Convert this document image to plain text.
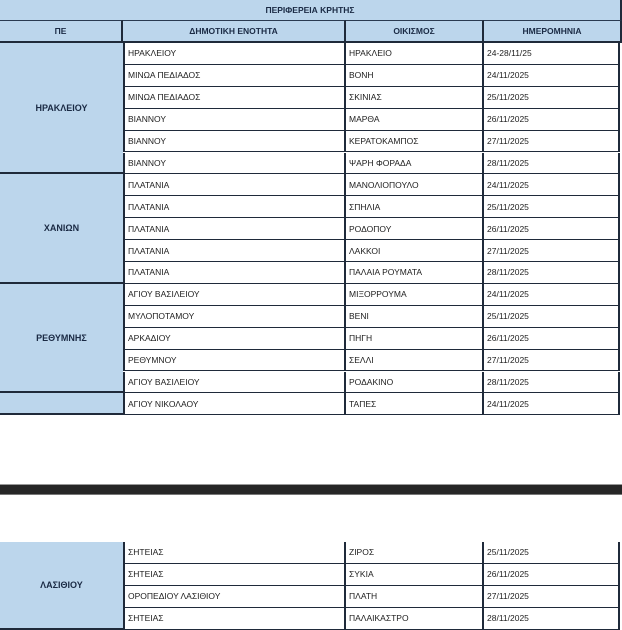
ΠΕΡΙΦΕΡΕΙΑ ΚΡΗΤΗΣ
ΠΕ	ΔΗΜΟΤΙΚΗ ΕΝΟΤΗΤΑ	ΟΙΚΙΣΜΟΣ	ΗΜΕΡΟΜΗΝΙΑ
ΗΡΑΚΛΕΙΟΥ
ΗΡΑΚΛΕΙΟΥ	ΗΡΑΚΛΕΙΟ	24-28/11/25
ΜΙΝΩΑ ΠΕΔΙΑΔΟΣ	ΒΟΝΗ	24/11/2025
ΜΙΝΩΑ ΠΕΔΙΑΔΟΣ	ΣΚΙΝΙΑΣ	25/11/2025
ΒΙΑΝΝΟΥ	ΜΑΡΘΑ	26/11/2025
ΒΙΑΝΝΟΥ	ΚΕΡΑΤΟΚΑΜΠΟΣ	27/11/2025
ΒΙΑΝΝΟΥ	ΨΑΡΗ ΦΟΡΑΔΑ	28/11/2025
ΧΑΝΙΩΝ
ΠΛΑΤΑΝΙΑ	ΜΑΝΟΛΙΟΠΟΥΛΟ	24/11/2025
ΠΛΑΤΑΝΙΑ	ΣΠΗΛΙΑ	25/11/2025
ΠΛΑΤΑΝΙΑ	ΡΟΔΟΠΟΥ	26/11/2025
ΠΛΑΤΑΝΙΑ	ΛΑΚΚΟΙ	27/11/2025
ΠΛΑΤΑΝΙΑ	ΠΑΛΑΙΑ ΡΟΥΜΑΤΑ	28/11/2025
ΡΕΘΥΜΝΗΣ
ΑΓΙΟΥ ΒΑΣΙΛΕΙΟΥ	ΜΙΞΟΡΡΟΥΜΑ	24/11/2025
ΜΥΛΟΠΟΤΑΜΟΥ	ΒΕΝΙ	25/11/2025
ΑΡΚΑΔΙΟΥ	ΠΗΓΗ	26/11/2025
ΡΕΘΥΜΝΟΥ	ΣΕΛΛΙ	27/11/2025
ΑΓΙΟΥ ΒΑΣΙΛΕΙΟΥ	ΡΟΔΑΚΙΝΟ	28/11/2025
ΑΓΙΟΥ ΝΙΚΟΛΑΟΥ	ΤΑΠΕΣ	24/11/2025
ΛΑΣΙΘΙΟΥ
ΣΗΤΕΙΑΣ	ΖΙΡΟΣ	25/11/2025
ΣΗΤΕΙΑΣ	ΣΥΚΙΑ	26/11/2025
ΟΡΟΠΕΔΙΟΥ ΛΑΣΙΘΙΟΥ	ΠΛΑΤΗ	27/11/2025
ΣΗΤΕΙΑΣ	ΠΑΛΑΙΚΑΣΤΡΟ	28/11/2025
